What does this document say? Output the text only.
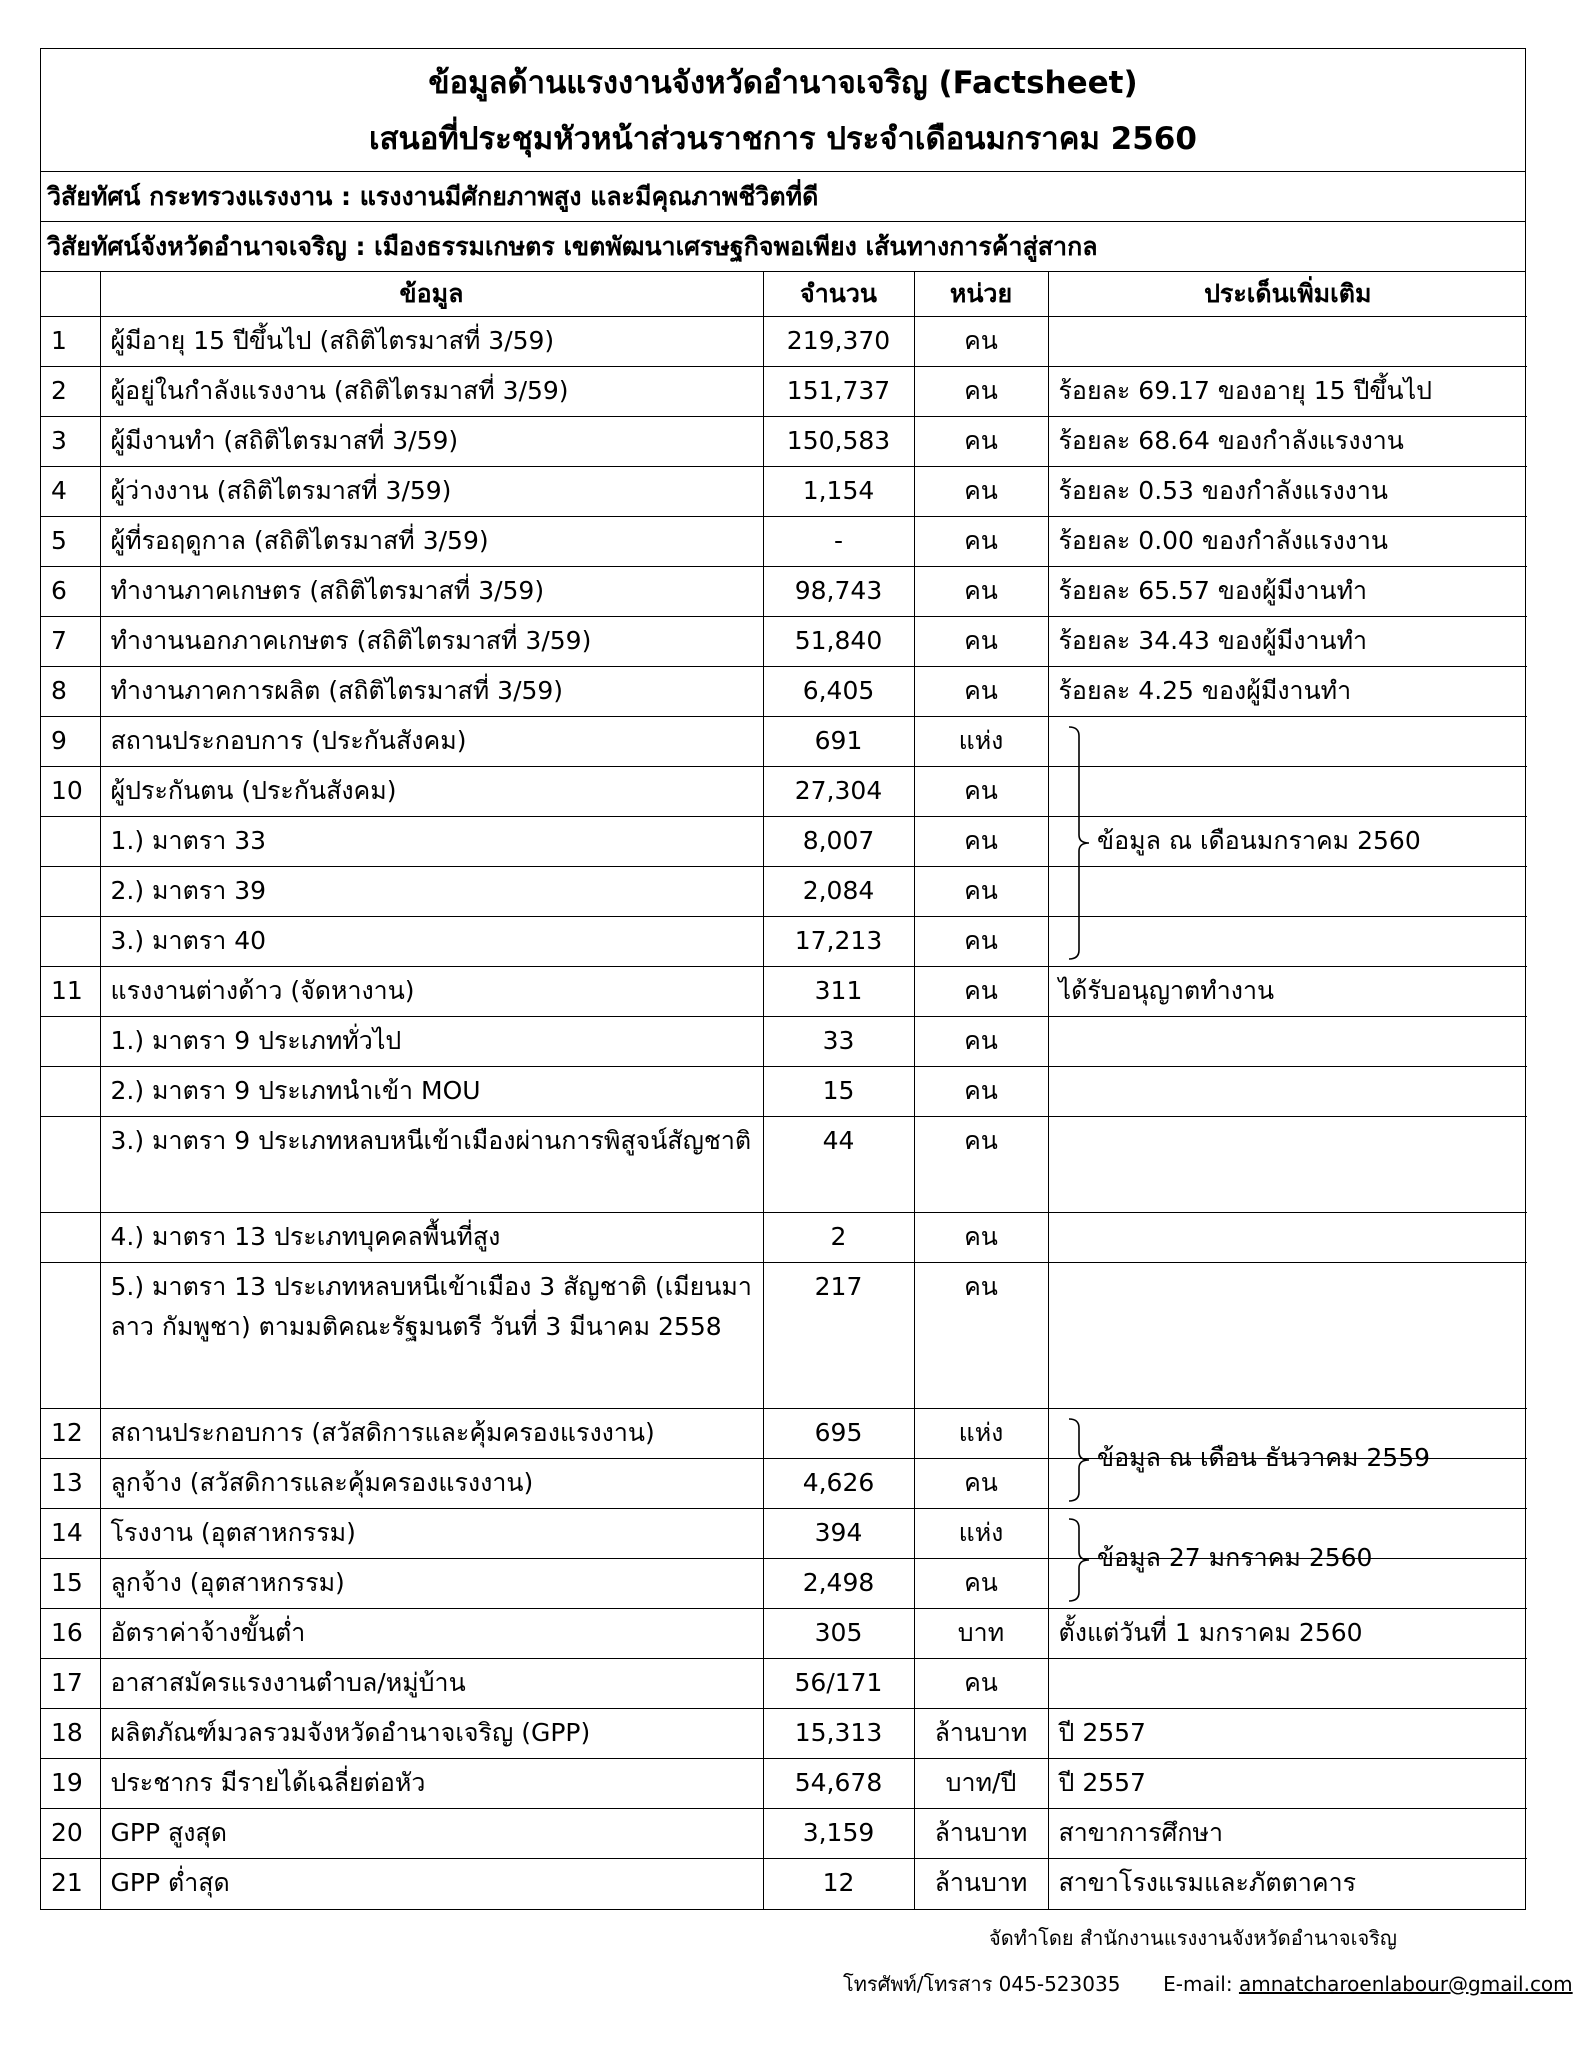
ข้อมูลด้านแรงงานจังหวัดอำนาจเจริญ (Factsheet)
เสนอที่ประชุมหัวหน้าส่วนราชการ ประจำเดือนมกราคม 2560
วิสัยทัศน์ กระทรวงแรงงาน : แรงงานมีศักยภาพสูง และมีคุณภาพชีวิตที่ดี
วิสัยทัศน์จังหวัดอำนาจเจริญ : เมืองธรรมเกษตร เขตพัฒนาเศรษฐกิจพอเพียง เส้นทางการค้าสู่สากล
	ข้อมูล	จำนวน	หน่วย	ประเด็นเพิ่มเติม
1	ผู้มีอายุ 15 ปีขึ้นไป (สถิติไตรมาสที่ 3/59)	219,370	คน	
2	ผู้อยู่ในกำลังแรงงาน (สถิติไตรมาสที่ 3/59)	151,737	คน	ร้อยละ 69.17 ของอายุ 15 ปีขึ้นไป
3	ผู้มีงานทำ (สถิติไตรมาสที่ 3/59)	150,583	คน	ร้อยละ 68.64 ของกำลังแรงงาน
4	ผู้ว่างงาน (สถิติไตรมาสที่ 3/59)	1,154	คน	ร้อยละ 0.53 ของกำลังแรงงาน
5	ผู้ที่รอฤดูกาล (สถิติไตรมาสที่ 3/59)	-	คน	ร้อยละ 0.00 ของกำลังแรงงาน
6	ทำงานภาคเกษตร (สถิติไตรมาสที่ 3/59)	98,743	คน	ร้อยละ 65.57 ของผู้มีงานทำ
7	ทำงานนอกภาคเกษตร (สถิติไตรมาสที่ 3/59)	51,840	คน	ร้อยละ 34.43 ของผู้มีงานทำ
8	ทำงานภาคการผลิต (สถิติไตรมาสที่ 3/59)	6,405	คน	ร้อยละ 4.25 ของผู้มีงานทำ
9	สถานประกอบการ (ประกันสังคม)	691	แห่ง	
10	ผู้ประกันตน (ประกันสังคม)	27,304	คน	
	1.) มาตรา 33	8,007	คน	
	2.) มาตรา 39	2,084	คน	
	3.) มาตรา 40	17,213	คน	
11	แรงงานต่างด้าว (จัดหางาน)	311	คน	ได้รับอนุญาตทำงาน
	1.) มาตรา 9 ประเภททั่วไป	33	คน	
	2.) มาตรา 9 ประเภทนำเข้า MOU	15	คน	
	3.) มาตรา 9 ประเภทหลบหนีเข้าเมืองผ่านการพิสูจน์สัญชาติ	44	คน	
	4.) มาตรา 13 ประเภทบุคคลพื้นที่สูง	2	คน	
	5.) มาตรา 13 ประเภทหลบหนีเข้าเมือง 3 สัญชาติ (เมียนมา ลาว กัมพูชา) ตามมติคณะรัฐมนตรี วันที่ 3 มีนาคม 2558	217	คน	
12	สถานประกอบการ (สวัสดิการและคุ้มครองแรงงาน)	695	แห่ง	
13	ลูกจ้าง (สวัสดิการและคุ้มครองแรงงาน)	4,626	คน	
14	โรงงาน (อุตสาหกรรม)	394	แห่ง	
15	ลูกจ้าง (อุตสาหกรรม)	2,498	คน	
16	อัตราค่าจ้างขั้นต่ำ	305	บาท	ตั้งแต่วันที่ 1 มกราคม 2560
17	อาสาสมัครแรงงานตำบล/หมู่บ้าน	56/171	คน	
18	ผลิตภัณฑ์มวลรวมจังหวัดอำนาจเจริญ (GPP)	15,313	ล้านบาท	ปี 2557
19	ประชากร มีรายได้เฉลี่ยต่อหัว	54,678	บาท/ปี	ปี 2557
20	GPP สูงสุด	3,159	ล้านบาท	สาขาการศึกษา
21	GPP ต่ำสุด	12	ล้านบาท	สาขาโรงแรมและภัตตาคาร
ข้อมูล ณ เดือนมกราคม 2560
ข้อมูล ณ เดือน ธันวาคม 2559
ข้อมูล 27 มกราคม 2560
จัดทำโดย สำนักงานแรงงานจังหวัดอำนาจเจริญ
โทรศัพท์/โทรสาร 045-523035 E-mail: amnatcharoenlabour@gmail.com
